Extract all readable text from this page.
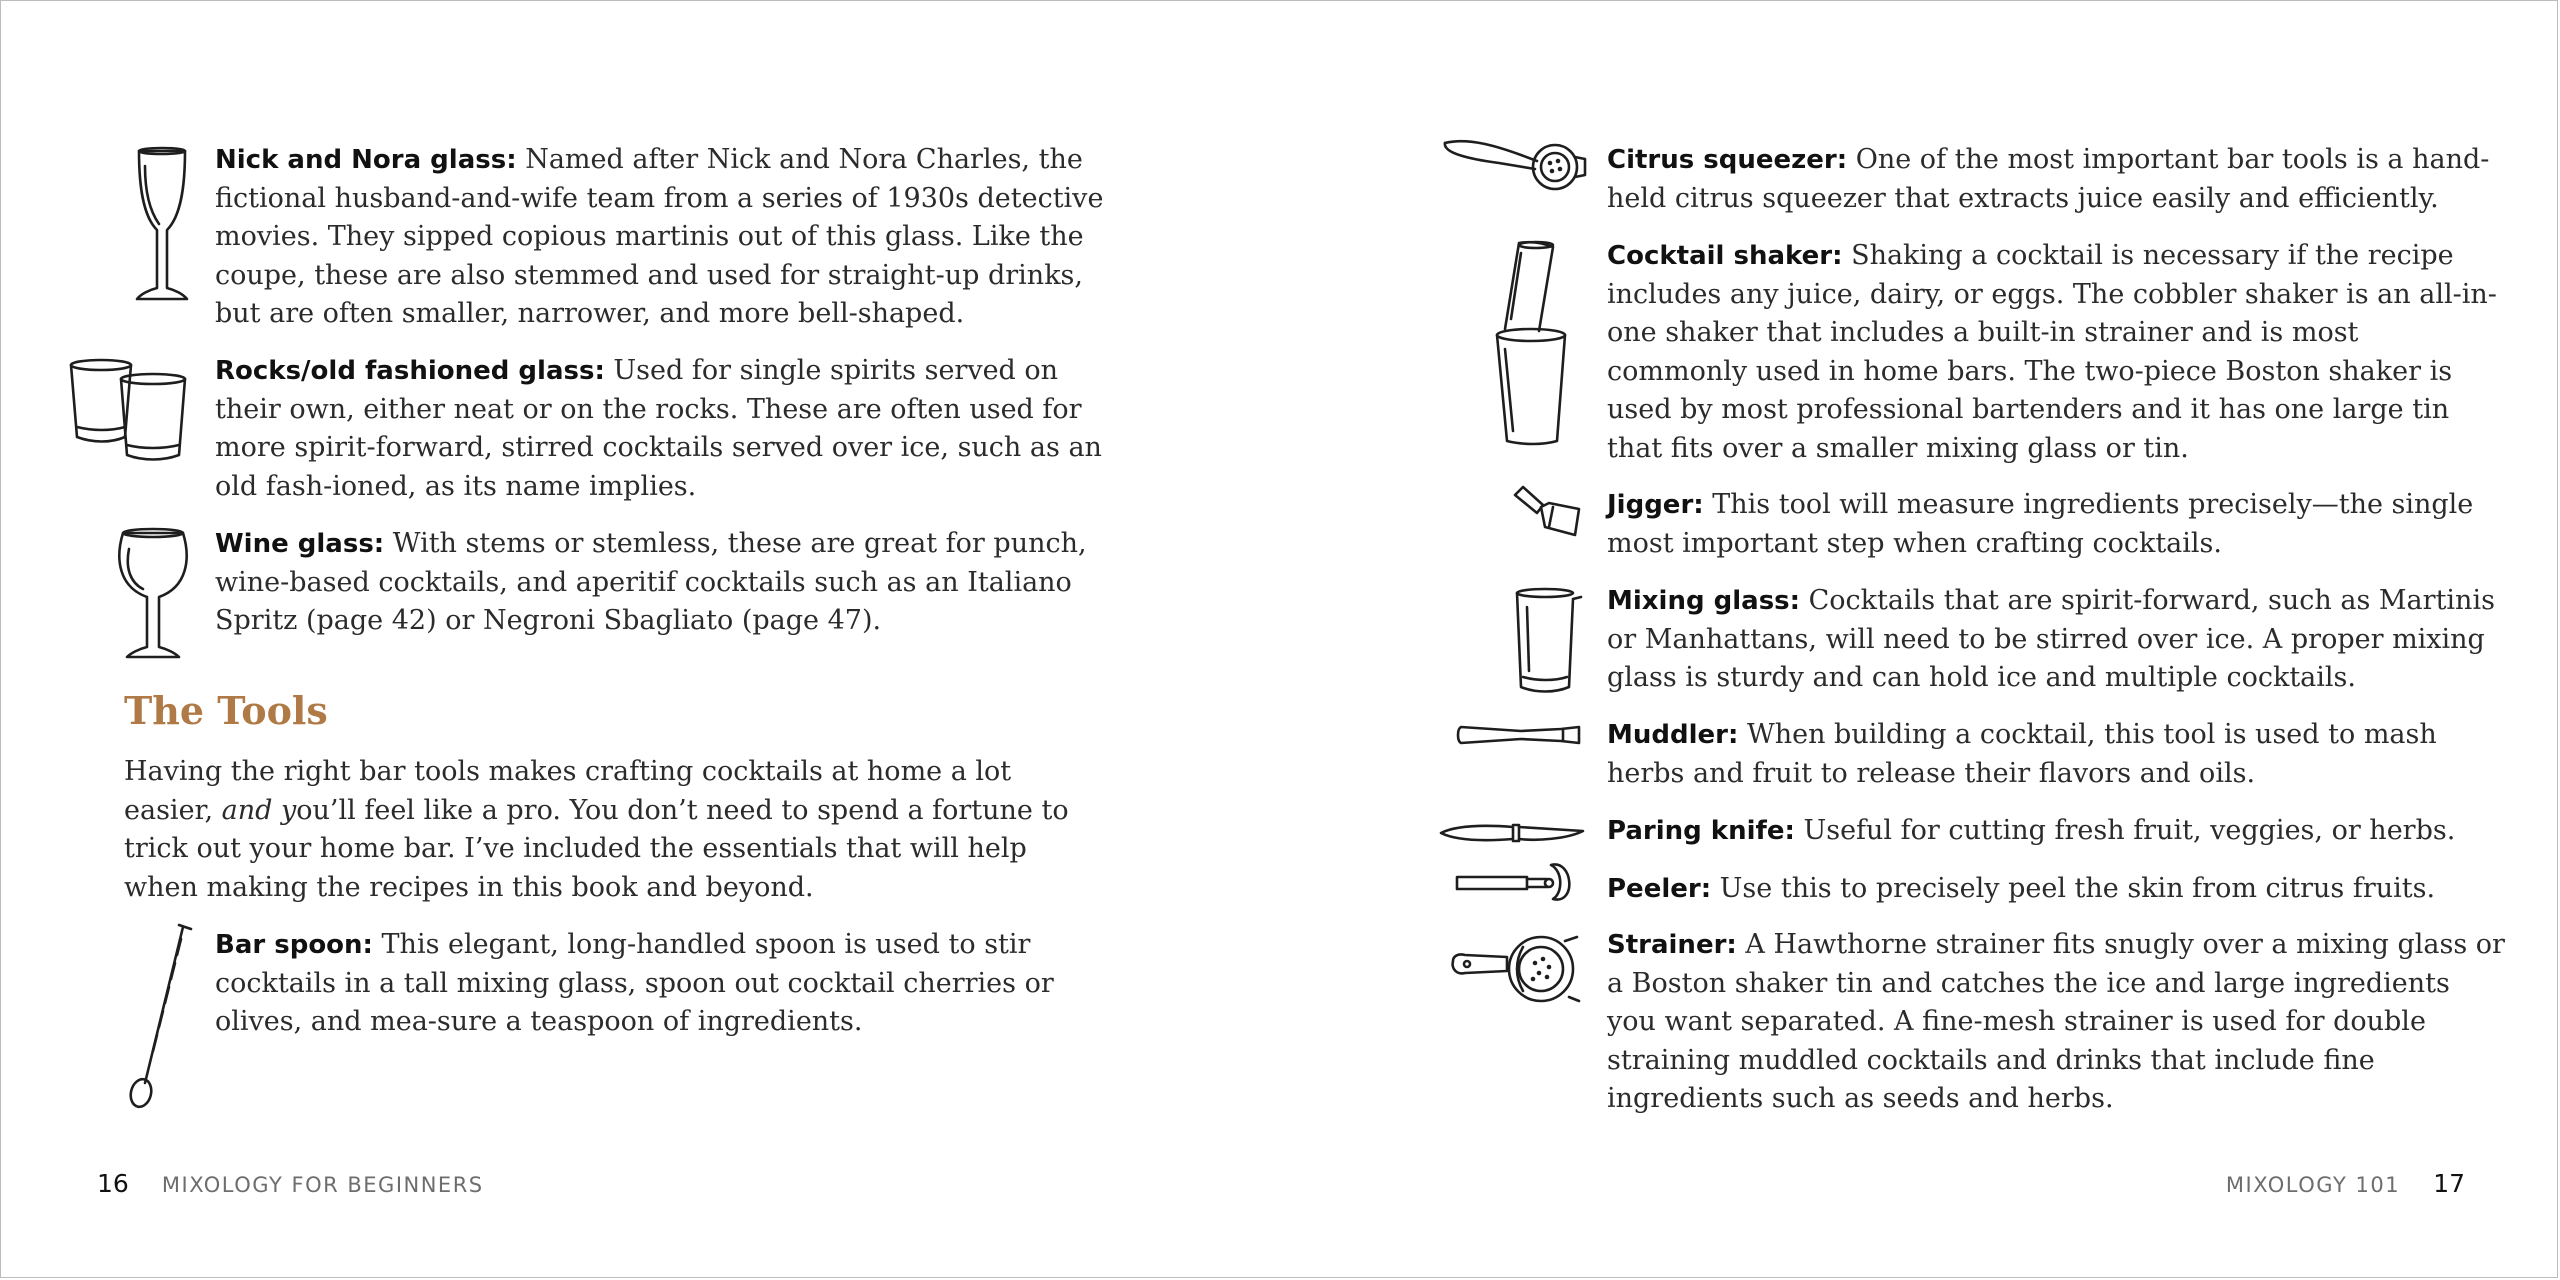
Nick and Nora glass: Named after Nick and Nora Charles, the fictional husband-and-wife team from a series of 1930s detective movies. They sipped copious martinis out of this glass. Like the coupe, these are also stemmed and used for straight-up drinks, but are often smaller, narrower, and more bell-shaped.
Rocks/old fashioned glass: Used for single spirits served on their own, either neat or on the rocks. These are often used for more spirit-forward, stirred cocktails served over ice, such as an old fash-ioned, as its name implies.
Wine glass: With stems or stemless, these are great for punch, wine-based cocktails, and aperitif cocktails such as an Italiano Spritz (page 42) or Negroni Sbagliato (page 47).
The Tools
Having the right bar tools makes crafting cocktails at home a lot easier, and you’ll feel like a pro. You don’t need to spend a fortune to trick out your home bar. I’ve included the essentials that will help when making the recipes in this book and beyond.
Bar spoon: This elegant, long-handled spoon is used to stir cocktails in a tall mixing glass, spoon out cocktail cherries or olives, and mea-sure a teaspoon of ingredients.
16 MIXOLOGY FOR BEGINNERS
Citrus squeezer: One of the most important bar tools is a hand-held citrus squeezer that extracts juice easily and efficiently.
Cocktail shaker: Shaking a cocktail is necessary if the recipe includes any juice, dairy, or eggs. The cobbler shaker is an all-in-one shaker that includes a built-in strainer and is most commonly used in home bars. The two-piece Boston shaker is used by most professional bartenders and it has one large tin that fits over a smaller mixing glass or tin.
Jigger: This tool will measure ingredients precisely—the single most important step when crafting cocktails.
Mixing glass: Cocktails that are spirit-forward, such as Martinis or Manhattans, will need to be stirred over ice. A proper mixing glass is sturdy and can hold ice and multiple cocktails.
Muddler: When building a cocktail, this tool is used to mash herbs and fruit to release their flavors and oils.
Paring knife: Useful for cutting fresh fruit, veggies, or herbs.
Peeler: Use this to precisely peel the skin from citrus fruits.
Strainer: A Hawthorne strainer fits snugly over a mixing glass or a Boston shaker tin and catches the ice and large ingredients you want separated. A fine-mesh strainer is used for double straining muddled cocktails and drinks that include fine ingredients such as seeds and herbs.
MIXOLOGY 101 17
